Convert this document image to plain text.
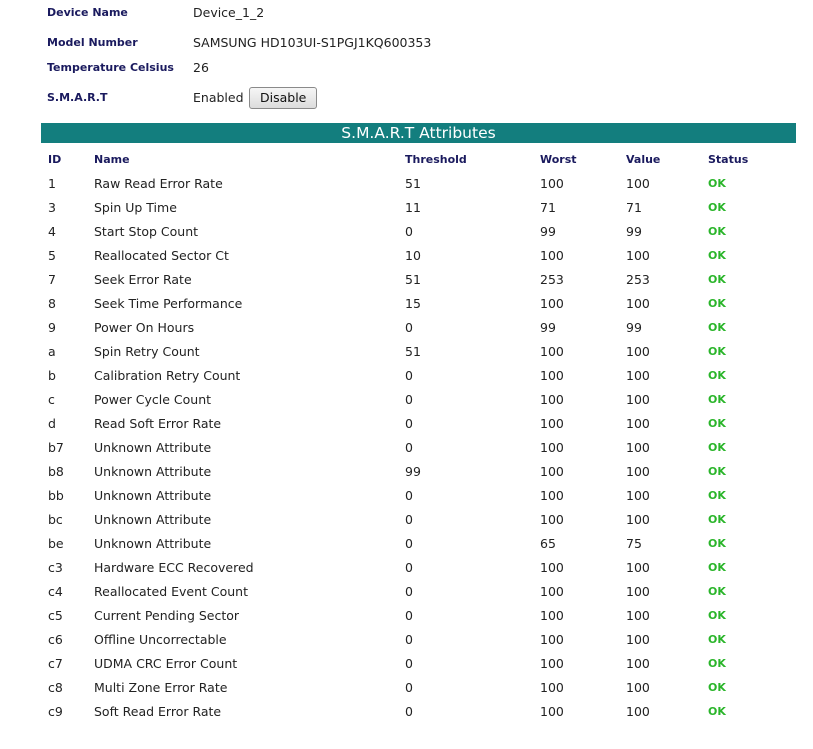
Device Name	Device_1_2
Model Number	SAMSUNG HD103UI-S1PGJ1KQ600353
Temperature Celsius 26
S.M.A.R.T	Enabled	Disable
S.M.A.R.T Attributes
ID	Name	Threshold	Worst	Value	Status
1	Raw Read Error Rate	51	100	100	OK
3	Spin Up Time	11	71	71	OK
4	Start Stop Count	0	99	99	OK
5	Reallocated Sector Ct	10	100	100	OK
7	Seek Error Rate	51	253	253	OK
8	Seek Time Performance	15	100	100	OK
9	Power On Hours	0	99	99	OK
a	Spin Retry Count	51	100	100	OK
b	Calibration Retry Count	0	100	100	OK
c	Power Cycle Count	0	100	100	OK
d	Read Soft Error Rate	0	100	100	OK
b7	Unknown Attribute	0	100	100	OK
b8	Unknown Attribute	99	100	100	OK
bb	Unknown Attribute	0	100	100	OK
bc	Unknown Attribute	0	100	100	OK
be	Unknown Attribute	0	65	75	OK
c3	Hardware ECC Recovered	0	100	100	OK
c4	Reallocated Event Count	0	100	100	OK
c5	Current Pending Sector	0	100	100	OK
c6	Offline Uncorrectable	0	100	100	OK
c7	UDMA CRC Error Count	0	100	100	OK
c8	Multi Zone Error Rate	0	100	100	OK
c9	Soft Read Error Rate	0	100	100	OK
